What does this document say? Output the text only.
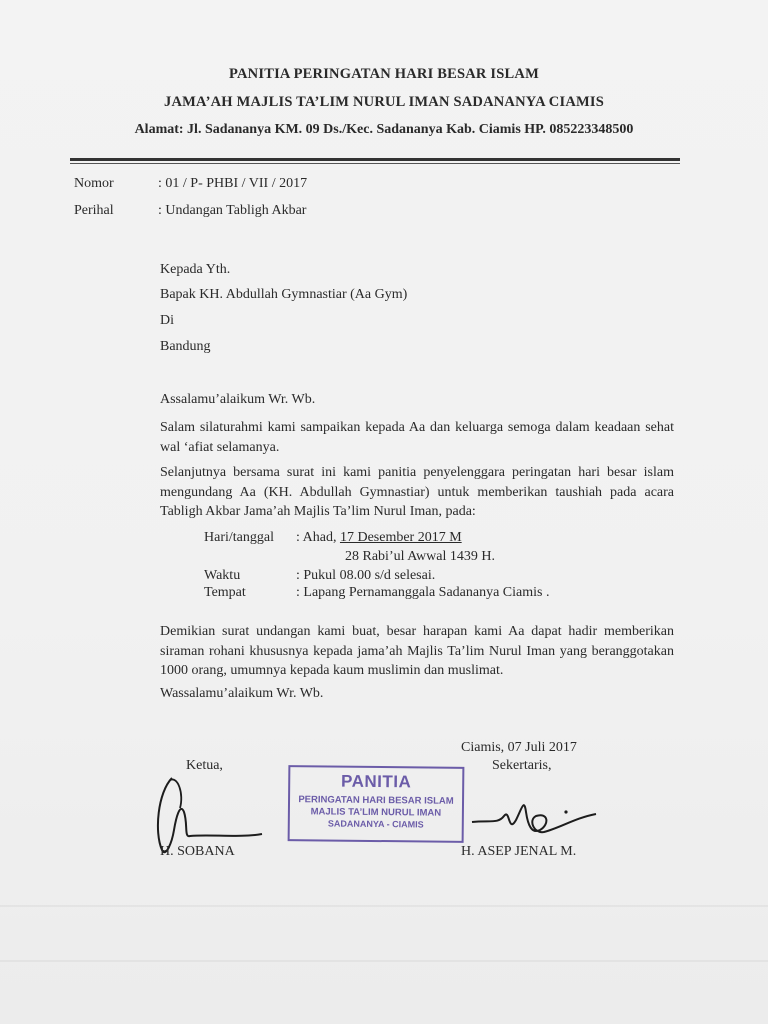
PANITIA PERINGATAN HARI BESAR ISLAM
JAMA’AH MAJLIS TA’LIM NURUL IMAN SADANANYA CIAMIS
Alamat: Jl. Sadananya KM. 09 Ds./Kec. Sadananya Kab. Ciamis HP. 085223348500
Nomor	: 01 / P- PHBI / VII / 2017
Perihal	: Undangan Tabligh Akbar
Kepada Yth.
Bapak KH. Abdullah Gymnastiar (Aa Gym)
Di
Bandung
Assalamu’alaikum Wr. Wb.
Salam silaturahmi kami sampaikan kepada Aa dan keluarga semoga dalam keadaan sehat wal ‘afiat selamanya.
Selanjutnya bersama surat ini kami panitia penyelenggara peringatan hari besar islam mengundang Aa (KH. Abdullah Gymnastiar) untuk memberikan taushiah pada acara Tabligh Akbar Jama’ah Majlis Ta’lim Nurul Iman, pada:
Hari/tanggal : Ahad, 17 Desember 2017 M
28 Rabi’ul Awwal 1439 H.
Waktu	: Pukul 08.00 s/d selesai.
Tempat	: Lapang Pernamanggala Sadananya Ciamis .
Demikian surat undangan kami buat, besar harapan kami Aa dapat hadir memberikan siraman rohani khususnya kepada jama’ah Majlis Ta’lim Nurul Iman yang beranggotakan 1000 orang, umumnya kepada kaum muslimin dan muslimat.
Wassalamu’alaikum Wr. Wb.
Ciamis, 07 Juli 2017
Ketua,	Sekertaris,
PANITIA
PERINGATAN HARI BESAR ISLAM
MAJLIS TA’LIM NURUL IMAN
SADANANYA - CIAMIS
H. SOBANA	H. ASEP JENAL M.
